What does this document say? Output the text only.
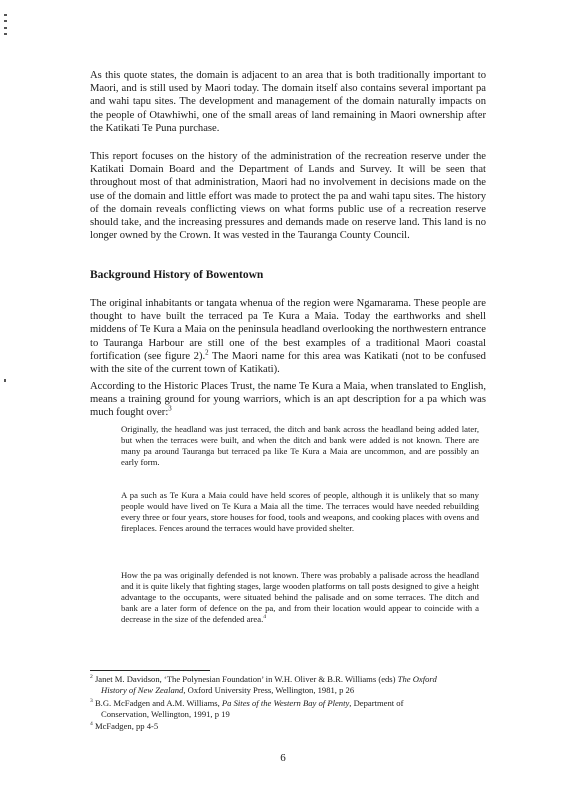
As this quote states, the domain is adjacent to an area that is both traditionally important to Maori, and is still used by Maori today. The domain itself also contains several important pa and wahi tapu sites. The development and management of the domain naturally impacts on the people of Otawhiwhi, one of the small areas of land remaining in Maori ownership after the Katikati Te Puna purchase.

This report focuses on the history of the administration of the recreation reserve under the Katikati Domain Board and the Department of Lands and Survey. It will be seen that throughout most of that administration, Maori had no involvement in decisions made on the use of the domain and little effort was made to protect the pa and wahi tapu sites. The history of the domain reveals conflicting views on what forms public use of a recreation reserve should take, and the increasing pressures and demands made on reserve land. This land is no longer owned by the Crown. It was vested in the Tauranga County Council.

Background History of Bowentown

The original inhabitants or tangata whenua of the region were Ngamarama. These people are thought to have built the terraced pa Te Kura a Maia. Today the earthworks and shell middens of Te Kura a Maia on the peninsula headland overlooking the northwestern entrance to Tauranga Harbour are still one of the best examples of a traditional Maori coastal fortification (see figure 2).$^2$ The Maori name for this area was Katikati (not to be confused with the site of the current town of Katikati).

According to the Historic Places Trust, the name Te Kura a Maia, when translated to English, means a training ground for young warriors, which is an apt description for a pa which was much fought over:$^3$

Originally, the headland was just terraced, the ditch and bank across the headland being added later, but when the terraces were built, and when the ditch and bank were added is not known. There are many pa around Tauranga but terraced pa like Te Kura a Maia are uncommon, and are possibly an early form.

A pa such as Te Kura a Maia could have held scores of people, although it is unlikely that so many people would have lived on Te Kura a Maia all the time. The terraces would have needed rebuilding every three or four years, store houses for food, tools and weapons, and cooking places with ovens and fireplaces. Fences around the terraces would have provided shelter.

How the pa was originally defended is not known. There was probably a palisade across the headland and it is quite likely that fighting stages, large wooden platforms on tall posts designed to give a height advantage to the occupants, were situated behind the palisade and on some terraces. The ditch and bank are a later form of defence on the pa, and from their location would appear to coincide with a decrease in the size of the defended area.$^4$

$^2$ Janet M. Davidson, ‘The Polynesian Foundation’ in W.H. Oliver & B.R. Williams (eds) The Oxford
History of New Zealand, Oxford University Press, Wellington, 1981, p 26
$^3$ B.G. McFadgen and A.M. Williams, Pa Sites of the Western Bay of Plenty, Department of
Conservation, Wellington, 1991, p 19
$^4$ McFadgen, pp 4-5
6
